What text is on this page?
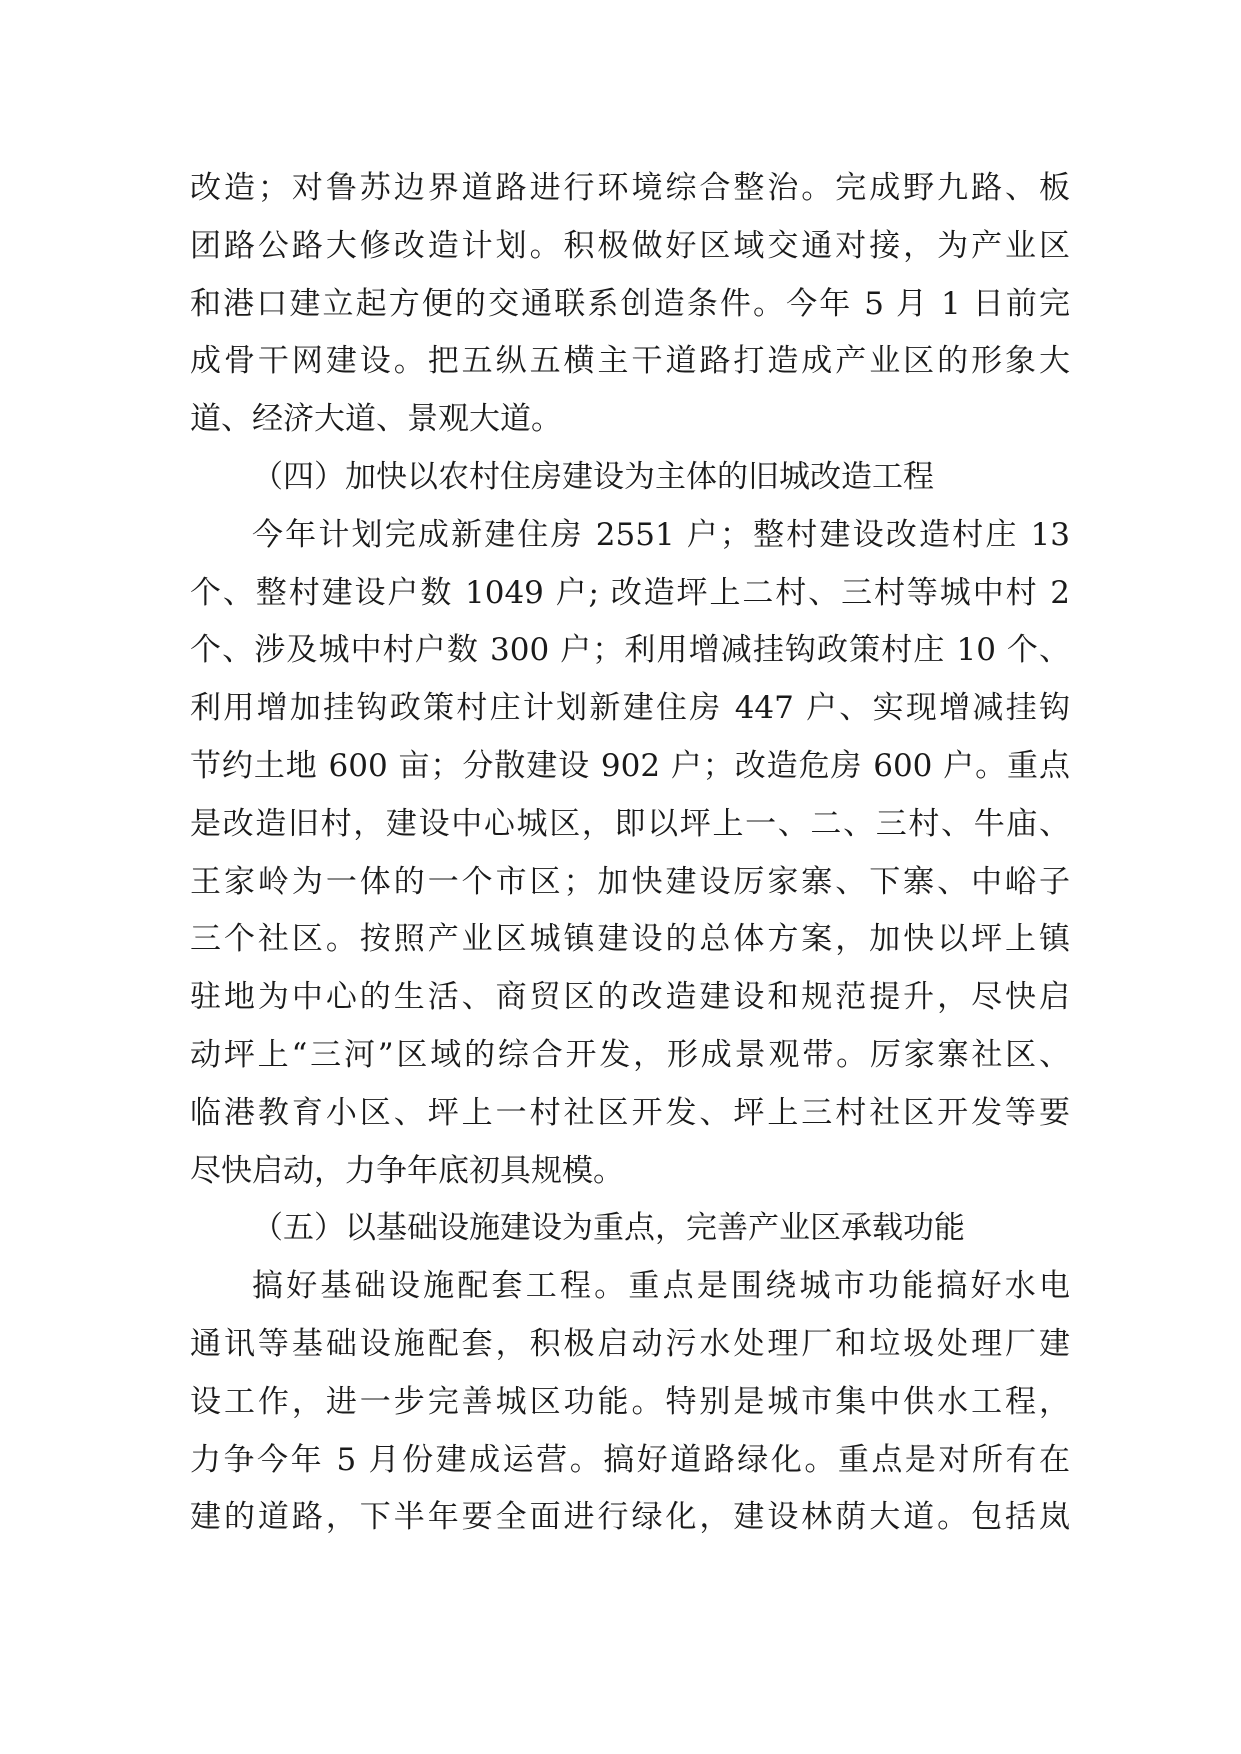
改造；对鲁苏边界道路进行环境综合整治。完成野九路、板
团路公路大修改造计划。积极做好区域交通对接，为产业区
和港口建立起方便的交通联系创造条件。今年 5 月 1 日前完
成骨干网建设。把五纵五横主干道路打造成产业区的形象大
道、经济大道、景观大道。
（四）加快以农村住房建设为主体的旧城改造工程
今年计划完成新建住房 2551 户；整村建设改造村庄 13
个、整村建设户数 1049 户; 改造坪上二村、三村等城中村 2
个、涉及城中村户数 300 户；利用增减挂钩政策村庄 10 个、
利用增加挂钩政策村庄计划新建住房 447 户、实现增减挂钩
节约土地 600 亩；分散建设 902 户；改造危房 600 户。重点
是改造旧村，建设中心城区，即以坪上一、二、三村、牛庙、
王家岭为一体的一个市区；加快建设厉家寨、下寨、中峪子
三个社区。按照产业区城镇建设的总体方案，加快以坪上镇
驻地为中心的生活、商贸区的改造建设和规范提升，尽快启
动坪上“三河”区域的综合开发，形成景观带。厉家寨社区、
临港教育小区、坪上一村社区开发、坪上三村社区开发等要
尽快启动，力争年底初具规模。
（五）以基础设施建设为重点，完善产业区承载功能
搞好基础设施配套工程。重点是围绕城市功能搞好水电
通讯等基础设施配套，积极启动污水处理厂和垃圾处理厂建
设工作，进一步完善城区功能。特别是城市集中供水工程，
力争今年 5 月份建成运营。搞好道路绿化。重点是对所有在
建的道路，下半年要全面进行绿化，建设林荫大道。包括岚
